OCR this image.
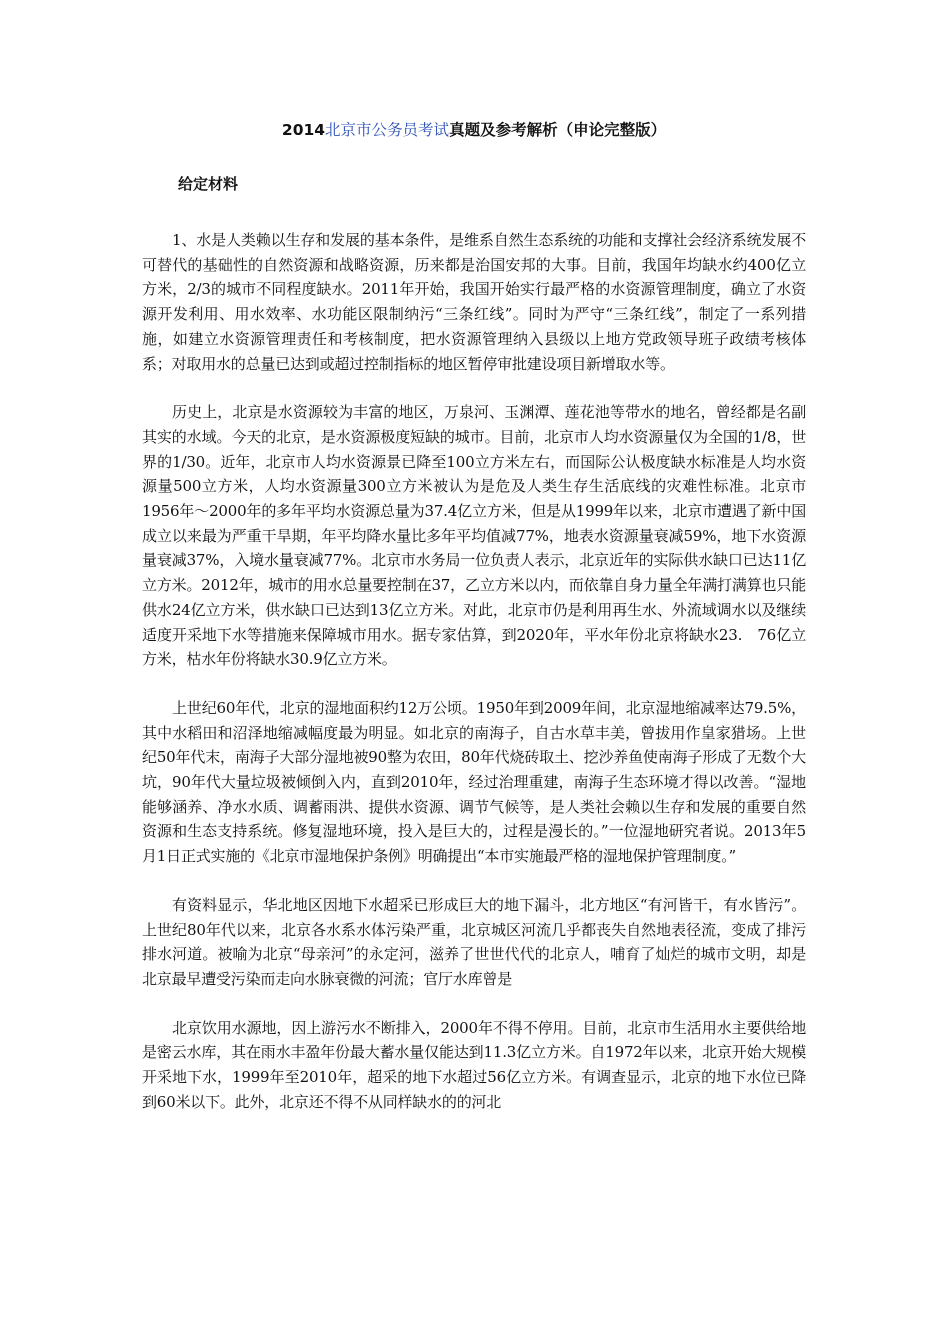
2014北京市公务员考试真题及参考解析（申论完整版）
给定材料

1、水是人类赖以生存和发展的基本条件，是维系自然生态系统的功能和支撑社会经济系统发展不可替代的基础性的自然资源和战略资源，历来都是治国安邦的大事。目前，我国年均缺水约400亿立方米，2/3的城市不同程度缺水。2011年开始，我国开始实行最严格的水资源管理制度，确立了水资源开发利用、用水效率、水功能区限制纳污“三条红线”。同时为严守“三条红线”，制定了一系列措施，如建立水资源管理责任和考核制度，把水资源管理纳入县级以上地方党政领导班子政绩考核体系；对取用水的总量已达到或超过控制指标的地区暂停审批建设项目新增取水等。

历史上，北京是水资源较为丰富的地区，万泉河、玉渊潭、莲花池等带水的地名，曾经都是名副其实的水域。今天的北京，是水资源极度短缺的城市。目前，北京市人均水资源量仅为全国的1/8，世界的1/30。近年，北京市人均水资源景已降至100立方米左右，而国际公认极度缺水标准是人均水资源量500立方米，人均水资源量300立方米被认为是危及人类生存生活底线的灾难性标准。北京市1956年～2000年的多年平均水资源总量为37.4亿立方米，但是从1999年以来，北京市遭遇了新中国成立以来最为严重干旱期，年平均降水量比多年平均值减77%，地表水资源量衰减59%，地下水资源量衰减37%，入境水量衰减77%。北京市水务局一位负责人表示，北京近年的实际供水缺口已达11亿立方米。2012年，城市的用水总量要控制在37，乙立方米以内，而依靠自身力量全年满打满算也只能供水24亿立方米，供水缺口已达到13亿立方米。对此，北京市仍是利用再生水、外流域调水以及继续适度开采地下水等措施来保障城市用水。据专家估算，到2020年，平水年份北京将缺水23.　76亿立方米，枯水年份将缺水30.9亿立方米。

上世纪60年代，北京的湿地面积约12万公顷。1950年到2009年间，北京湿地缩减率达79.5%，其中水稻田和沼泽地缩减幅度最为明显。如北京的南海子，自古水草丰美，曾拔用作皇家猎场。上世纪50年代末，南海子大部分湿地被90整为农田，80年代烧砖取土、挖沙养鱼使南海子形成了无数个大坑，90年代大量垃圾被倾倒入内，直到2010年，经过治理重建，南海子生态环境才得以改善。“湿地能够涵养、净水水质、调蓄雨洪、提供水资源、调节气候等，是人类社会赖以生存和发展的重要自然资源和生态支持系统。修复湿地环境，投入是巨大的，过程是漫长的。”一位湿地研究者说。2013年5月1日正式实施的《北京市湿地保护条例》明确提出“本市实施最严格的湿地保护管理制度。”

有资料显示，华北地区因地下水超采已形成巨大的地下漏斗，北方地区“有河皆干，有水皆污”。上世纪80年代以来，北京各水系水体污染严重，北京城区河流几乎都丧失自然地表径流，变成了排污排水河道。被喻为北京“母亲河”的永定河，滋养了世世代代的北京人，哺育了灿烂的城市文明，却是北京最早遭受污染而走向水脉衰微的河流；官厅水库曾是

北京饮用水源地，因上游污水不断排入，2000年不得不停用。目前，北京市生活用水主要供给地是密云水库，其在雨水丰盈年份最大蓄水量仅能达到11.3亿立方米。自1972年以来，北京开始大规模开采地下水，1999年至2010年，超采的地下水超过56亿立方米。有调查显示，北京的地下水位已降到60米以下。此外，北京还不得不从同样缺水的的河北
